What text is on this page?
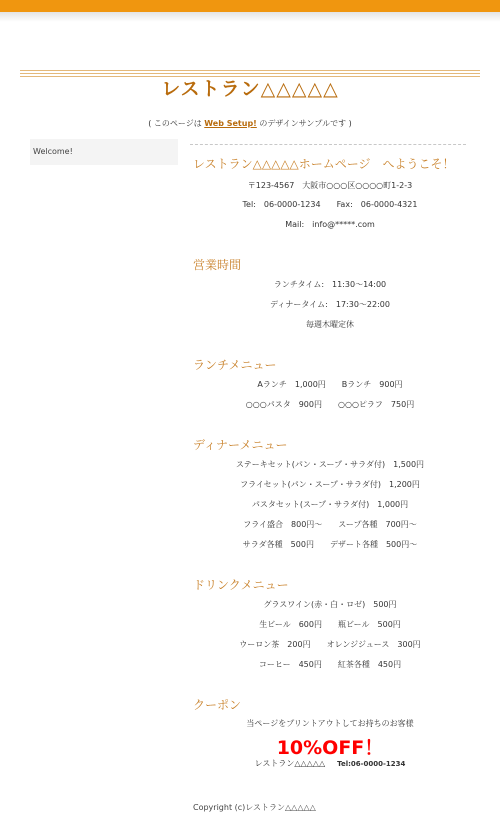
レストラン△△△△△
( このページは Web Setup! のデザインサンプルです )
Welcome!
レストラン△△△△△ホームページ　へようこそ！
〒123-4567　大阪市○○○区○○○○町1-2-3
Tel:　06-0000-1234　　Fax:　06-0000-4321
Mail:　info@*****.com
営業時間
ランチタイム:　11:30～14:00
ディナータイム:　17:30～22:00
毎週木曜定休
ランチメニュー
Aランチ　1,000円　　Bランチ　900円
○○○パスタ　900円　　○○○ピラフ　750円
ディナーメニュー
ステーキセット(パン・スープ・サラダ付)　1,500円
フライセット(パン・スープ・サラダ付)　1,200円
パスタセット(スープ・サラダ付)　1,000円
フライ盛合　800円～　　スープ各種　700円～
サラダ各種　500円　　デザート各種　500円～
ドリンクメニュー
グラスワイン(赤・白・ロゼ)　500円
生ビール　600円　　瓶ビール　500円
ウーロン茶　200円　　オレンジジュース　300円
コーヒー　450円　　紅茶各種　450円
クーポン
当ページをプリントアウトしてお持ちのお客様
10%OFF！
レストラン△△△△△ Tel:06-0000-1234
Copyright (c)レストラン△△△△△
